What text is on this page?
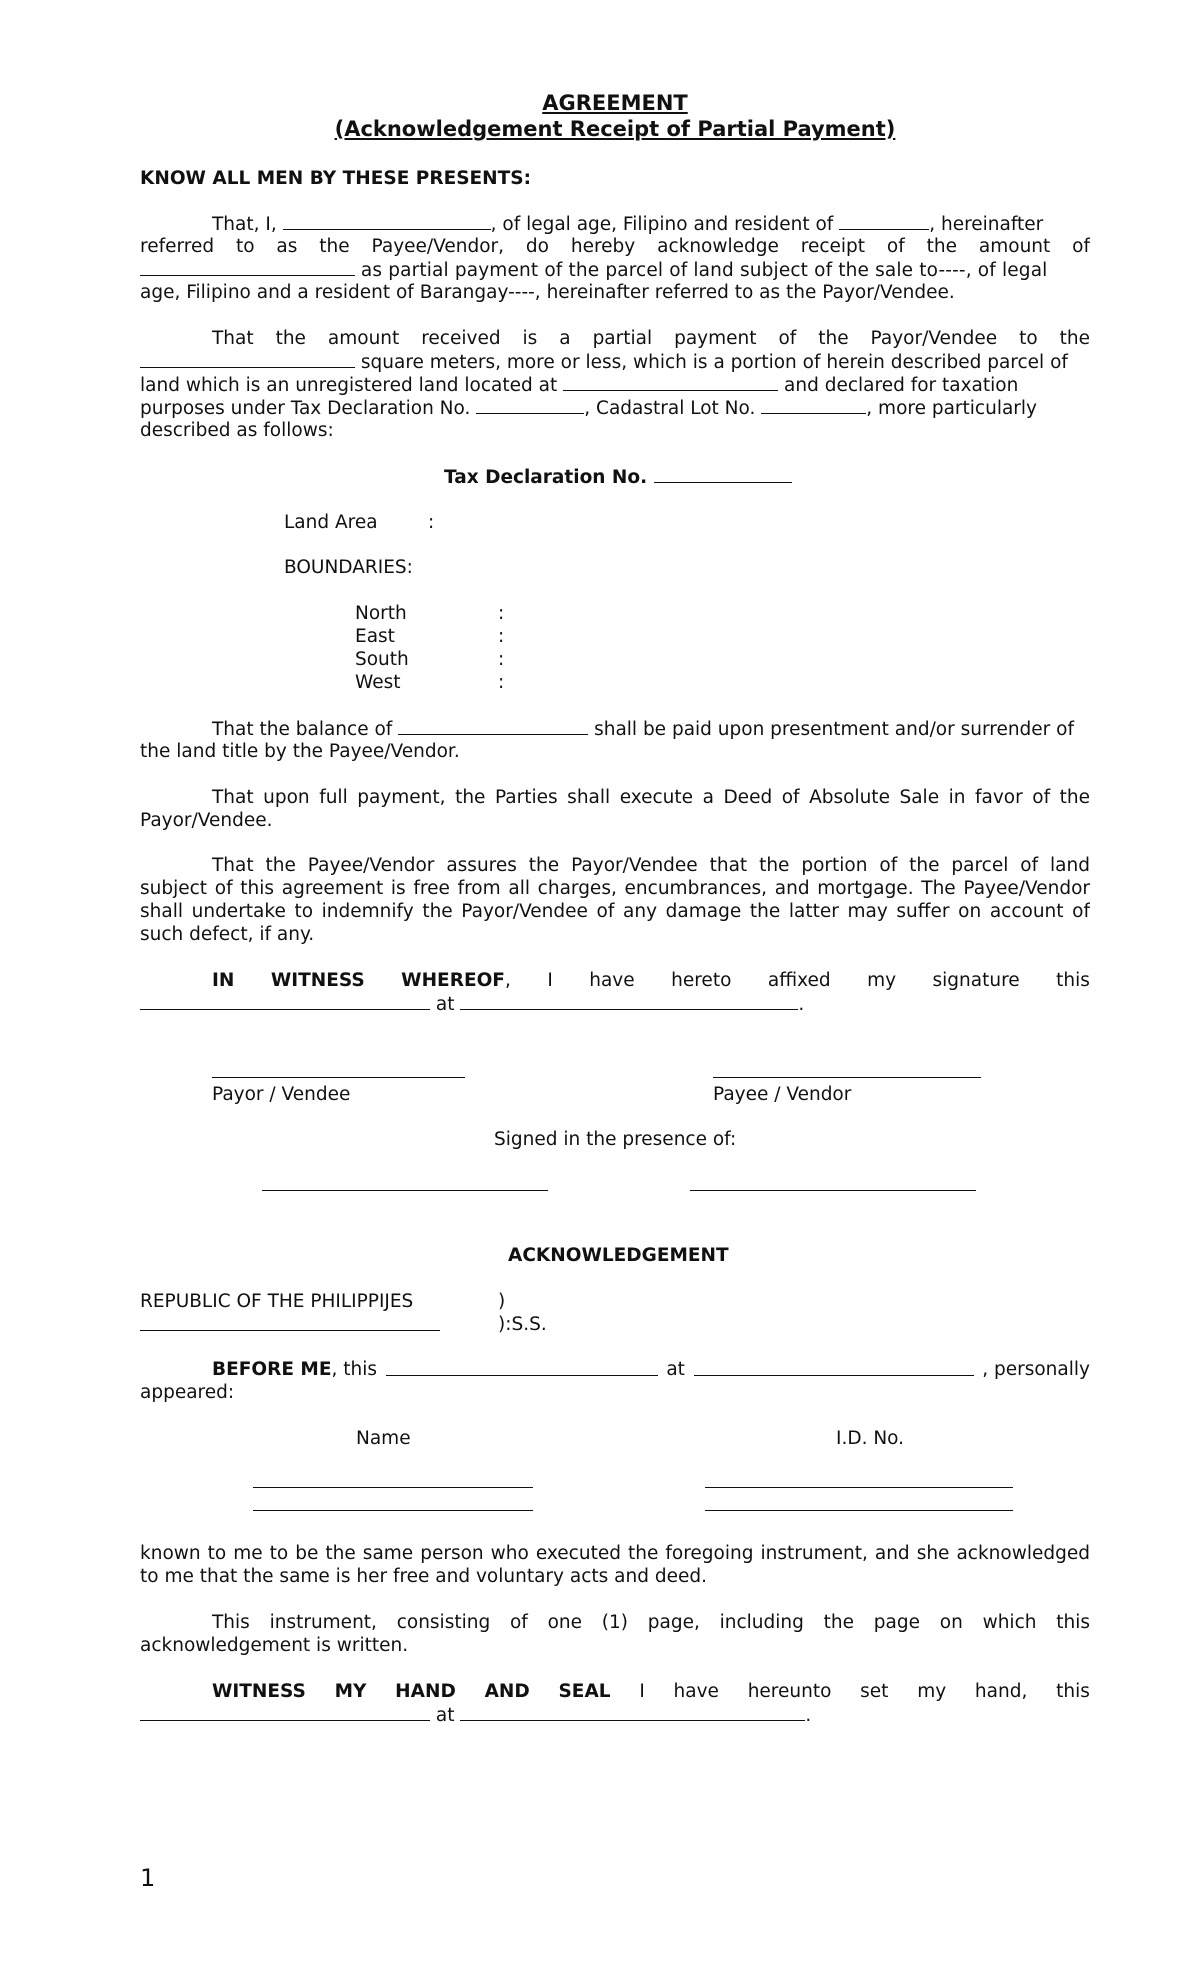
AGREEMENT
(Acknowledgement Receipt of Partial Payment)
KNOW ALL MEN BY THESE PRESENTS:
That, I,	, of legal age, Filipino and resident of	, hereinafter
referred to as the Payee/Vendor, do hereby acknowledge receipt of the amount of
as partial payment of the parcel of land subject of the sale to----, of legal
age, Filipino and a resident of Barangay----, hereinafter referred to as the Payor/Vendee.
That the amount received is a partial payment of the Payor/Vendee to the
square meters, more or less, which is a portion of herein described parcel of
land which is an unregistered land located at	and declared for taxation
purposes under Tax Declaration No.	, Cadastral Lot No.	, more particularly
described as follows:
Tax Declaration No.
Land Area	:
BOUNDARIES:
North	:
East	:
South	:
West	:
That the balance of	shall be paid upon presentment and/or surrender of
the land title by the Payee/Vendor.
That upon full payment, the Parties shall execute a Deed of Absolute Sale in favor of the
Payor/Vendee.
That the Payee/Vendor assures the Payor/Vendee that the portion of the parcel of land
subject of this agreement is free from all charges, encumbrances, and mortgage. The Payee/Vendor
shall undertake to indemnify the Payor/Vendee of any damage the latter may suffer on account of
such defect, if any.
IN WITNESS WHEREOF, I have hereto affixed my signature this
at	.
Payor / Vendee	Payee / Vendor
Signed in the presence of:
ACKNOWLEDGEMENT
REPUBLIC OF THE PHILIPPIJES	)
):S.S.
BEFORE ME, this	at	, personally
appeared:
Name	I.D. No.
known to me to be the same person who executed the foregoing instrument, and she acknowledged
to me that the same is her free and voluntary acts and deed.
This instrument, consisting of one (1) page, including the page on which this
acknowledgement is written.
WITNESS MY HAND AND SEAL I have hereunto set my hand, this
at	.
1
